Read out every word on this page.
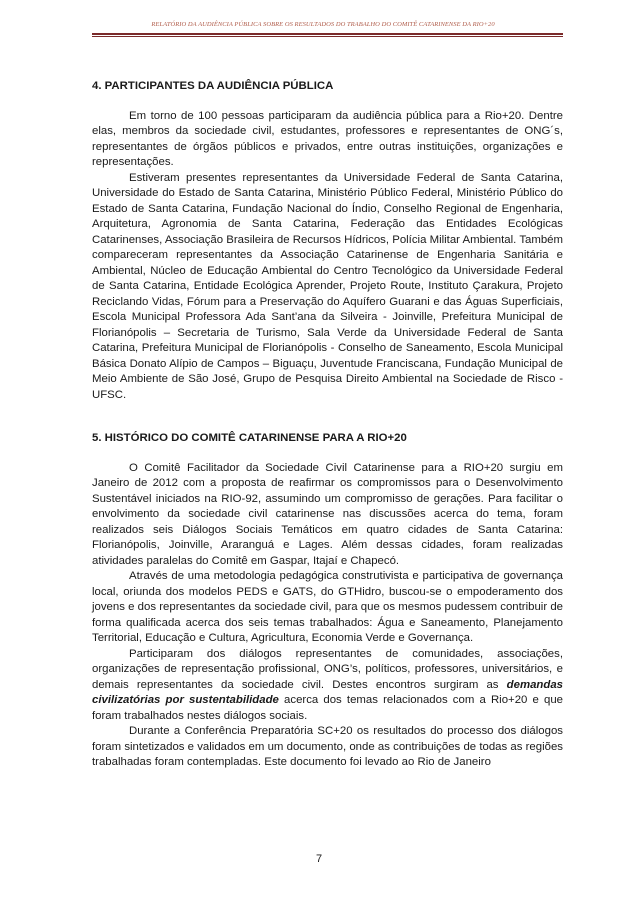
RELATÓRIO DA AUDIÊNCIA PÚBLICA SOBRE OS RESULTADOS DO TRABALHO DO COMITÊ CATARINENSE DA RIO+20
4. PARTICIPANTES DA AUDIÊNCIA PÚBLICA

Em torno de 100 pessoas participaram da audiência pública para a Rio+20. Dentre elas, membros da sociedade civil, estudantes, professores e representantes de ONG´s, representantes de órgãos públicos e privados, entre outras instituições, organizações e representações.

Estiveram presentes representantes da Universidade Federal de Santa Catarina, Universidade do Estado de Santa Catarina, Ministério Público Federal, Ministério Público do Estado de Santa Catarina, Fundação Nacional do Índio, Conselho Regional de Engenharia, Arquitetura, Agronomia de Santa Catarina, Federação das Entidades Ecológicas Catarinenses, Associação Brasileira de Recursos Hídricos, Polícia Militar Ambiental. Também compareceram representantes da Associação Catarinense de Engenharia Sanitária e Ambiental, Núcleo de Educação Ambiental do Centro Tecnológico da Universidade Federal de Santa Catarina, Entidade Ecológica Aprender, Projeto Route, Instituto Çarakura, Projeto Reciclando Vidas, Fórum para a Preservação do Aquífero Guarani e das Águas Superficiais, Escola Municipal Professora Ada Sant’ana da Silveira - Joinville, Prefeitura Municipal de Florianópolis – Secretaria de Turismo, Sala Verde da Universidade Federal de Santa Catarina, Prefeitura Municipal de Florianópolis - Conselho de Saneamento, Escola Municipal Básica Donato Alípio de Campos – Biguaçu, Juventude Franciscana, Fundação Municipal de Meio Ambiente de São José, Grupo de Pesquisa Direito Ambiental na Sociedade de Risco - UFSC.

5. HISTÓRICO DO COMITÊ CATARINENSE PARA A RIO+20

O Comitê Facilitador da Sociedade Civil Catarinense para a RIO+20 surgiu em Janeiro de 2012 com a proposta de reafirmar os compromissos para o Desenvolvimento Sustentável iniciados na RIO-92, assumindo um compromisso de gerações. Para facilitar o envolvimento da sociedade civil catarinense nas discussões acerca do tema, foram realizados seis Diálogos Sociais Temáticos em quatro cidades de Santa Catarina: Florianópolis, Joinville, Araranguá e Lages. Além dessas cidades, foram realizadas atividades paralelas do Comitê em Gaspar, Itajaí e Chapecó.

Através de uma metodologia pedagógica construtivista e participativa de governança local, oriunda dos modelos PEDS e GATS, do GTHidro, buscou-se o empoderamento dos jovens e dos representantes da sociedade civil, para que os mesmos pudessem contribuir de forma qualificada acerca dos seis temas trabalhados: Água e Saneamento, Planejamento Territorial, Educação e Cultura, Agricultura, Economia Verde e Governança.

Participaram dos diálogos representantes de comunidades, associações, organizações de representação profissional, ONG’s, políticos, professores, universitários, e demais representantes da sociedade civil. Destes encontros surgiram as demandas civilizatórias por sustentabilidade acerca dos temas relacionados com a Rio+20 e que foram trabalhados nestes diálogos sociais.

Durante a Conferência Preparatória SC+20 os resultados do processo dos diálogos foram sintetizados e validados em um documento, onde as contribuições de todas as regiões trabalhadas foram contempladas. Este documento foi levado ao Rio de Janeiro

7
